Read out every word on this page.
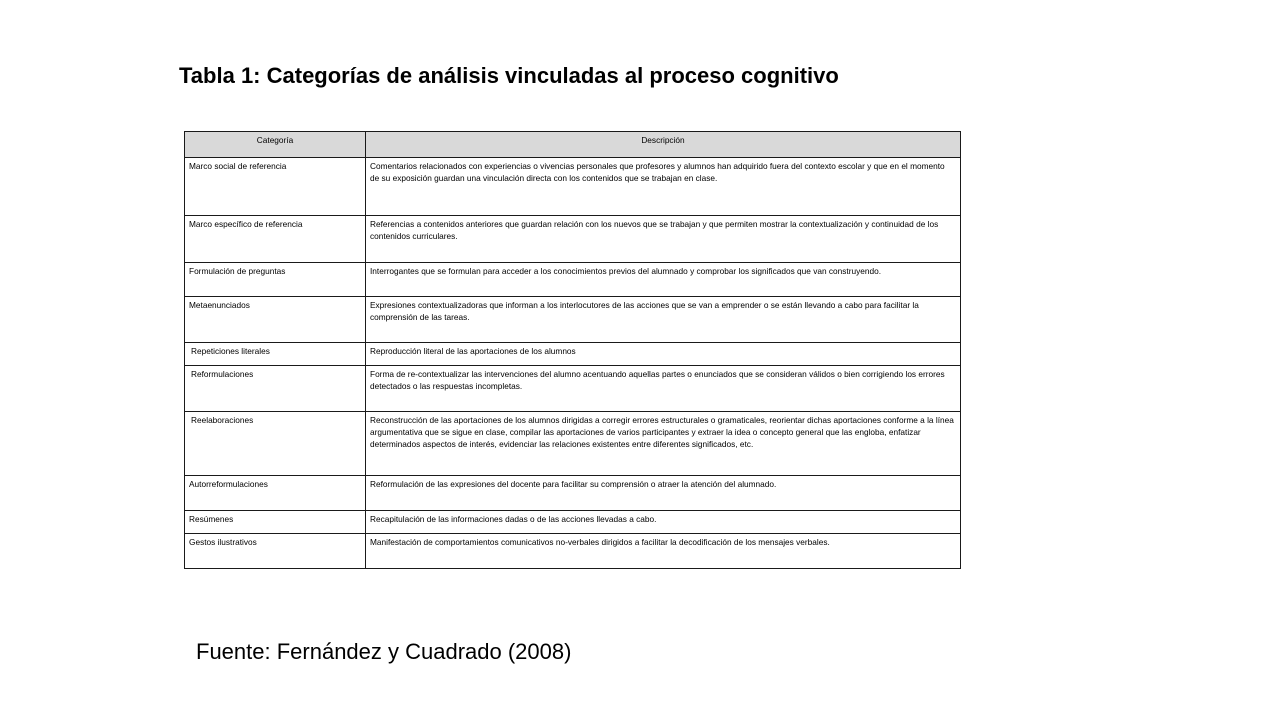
Tabla 1: Categorías de análisis vinculadas al proceso cognitivo
Categoría	Descripción
Marco social de referencia	Comentarios relacionados con experiencias o vivencias personales que profesores y alumnos han adquirido fuera del contexto escolar y que en el momento de su exposición guardan una vinculación directa con los contenidos que se trabajan en clase.
Marco específico de referencia	Referencias a contenidos anteriores que guardan relación con los nuevos que se trabajan y que permiten mostrar la contextualización y continuidad de los contenidos curriculares.
Formulación de preguntas	Interrogantes que se formulan para acceder a los conocimientos previos del alumnado y comprobar los significados que van construyendo.
Metaenunciados	Expresiones contextualizadoras que informan a los interlocutores de las acciones que se van a emprender o se están llevando a cabo para facilitar la comprensión de las tareas.
Repeticiones literales	Reproducción literal de las aportaciones de los alumnos
Reformulaciones	Forma de re-contextualizar las intervenciones del alumno acentuando aquellas partes o enunciados que se consideran válidos o bien corrigiendo los errores detectados o las respuestas incompletas.
Reelaboraciones	Reconstrucción de las aportaciones de los alumnos dirigidas a corregir errores estructurales o gramaticales, reorientar dichas aportaciones conforme a la línea argumentativa que se sigue en clase, compilar las aportaciones de varios participantes y extraer la idea o concepto general que las engloba, enfatizar determinados aspectos de interés, evidenciar las relaciones existentes entre diferentes significados, etc.
Autorreformulaciones	Reformulación de las expresiones del docente para facilitar su comprensión o atraer la atención del alumnado.
Resúmenes	Recapitulación de las informaciones dadas o de las acciones llevadas a cabo.
Gestos ilustrativos	Manifestación de comportamientos comunicativos no-verbales dirigidos a facilitar la decodificación de los mensajes verbales.

Fuente: Fernández y Cuadrado (2008)
